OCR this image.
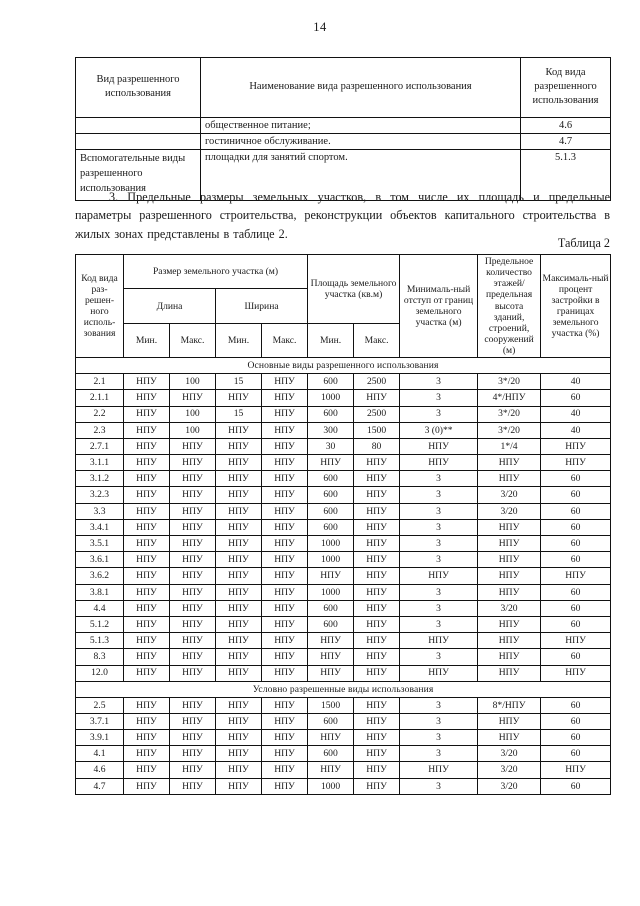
14
Вид разрешенного использования	Наименование вида разрешенного использования	Код вида разрешенного использования
	общественное питание;	4.6
	гостиничное обслуживание.	4.7
Вспомогательные виды разрешенного использования	площадки для занятий спортом.	5.1.3
3. Предельные размеры земельных участков, в том числе их площадь и предельные параметры разрешенного строительства, реконструкции объектов капитального строительства в жилых зонах представлены в таблице 2.
Таблица 2
Код вида раз-решен-ного исполь-зования	Размер земельного участка (м)				Площадь земельного участка (кв.м)		Минималь-ный отступ от границ земельного участка (м)	Предельное количество этажей/ предельная высота зданий, строений, сооружений (м)	Максималь-ный процент застройки в границах земельного участка (%)
	Длина		Ширина						
	Мин.	Макс.	Мин.	Макс.	Мин.	Макс.			
Основные виды разрешенного использования									
2.1	НПУ	100	15	НПУ	600	2500	3	3*/20	40
2.1.1	НПУ	НПУ	НПУ	НПУ	1000	НПУ	3	4*/НПУ	60
2.2	НПУ	100	15	НПУ	600	2500	3	3*/20	40
2.3	НПУ	100	НПУ	НПУ	300	1500	3 (0)**	3*/20	40
2.7.1	НПУ	НПУ	НПУ	НПУ	30	80	НПУ	1*/4	НПУ
3.1.1	НПУ	НПУ	НПУ	НПУ	НПУ	НПУ	НПУ	НПУ	НПУ
3.1.2	НПУ	НПУ	НПУ	НПУ	600	НПУ	3	НПУ	60
3.2.3	НПУ	НПУ	НПУ	НПУ	600	НПУ	3	3/20	60
3.3	НПУ	НПУ	НПУ	НПУ	600	НПУ	3	3/20	60
3.4.1	НПУ	НПУ	НПУ	НПУ	600	НПУ	3	НПУ	60
3.5.1	НПУ	НПУ	НПУ	НПУ	1000	НПУ	3	НПУ	60
3.6.1	НПУ	НПУ	НПУ	НПУ	1000	НПУ	3	НПУ	60
3.6.2	НПУ	НПУ	НПУ	НПУ	НПУ	НПУ	НПУ	НПУ	НПУ
3.8.1	НПУ	НПУ	НПУ	НПУ	1000	НПУ	3	НПУ	60
4.4	НПУ	НПУ	НПУ	НПУ	600	НПУ	3	3/20	60
5.1.2	НПУ	НПУ	НПУ	НПУ	600	НПУ	3	НПУ	60
5.1.3	НПУ	НПУ	НПУ	НПУ	НПУ	НПУ	НПУ	НПУ	НПУ
8.3	НПУ	НПУ	НПУ	НПУ	НПУ	НПУ	3	НПУ	60
12.0	НПУ	НПУ	НПУ	НПУ	НПУ	НПУ	НПУ	НПУ	НПУ
Условно разрешенные виды использования									
2.5	НПУ	НПУ	НПУ	НПУ	1500	НПУ	3	8*/НПУ	60
3.7.1	НПУ	НПУ	НПУ	НПУ	600	НПУ	3	НПУ	60
3.9.1	НПУ	НПУ	НПУ	НПУ	НПУ	НПУ	3	НПУ	60
4.1	НПУ	НПУ	НПУ	НПУ	600	НПУ	3	3/20	60
4.6	НПУ	НПУ	НПУ	НПУ	НПУ	НПУ	НПУ	3/20	НПУ
4.7	НПУ	НПУ	НПУ	НПУ	1000	НПУ	3	3/20	60
